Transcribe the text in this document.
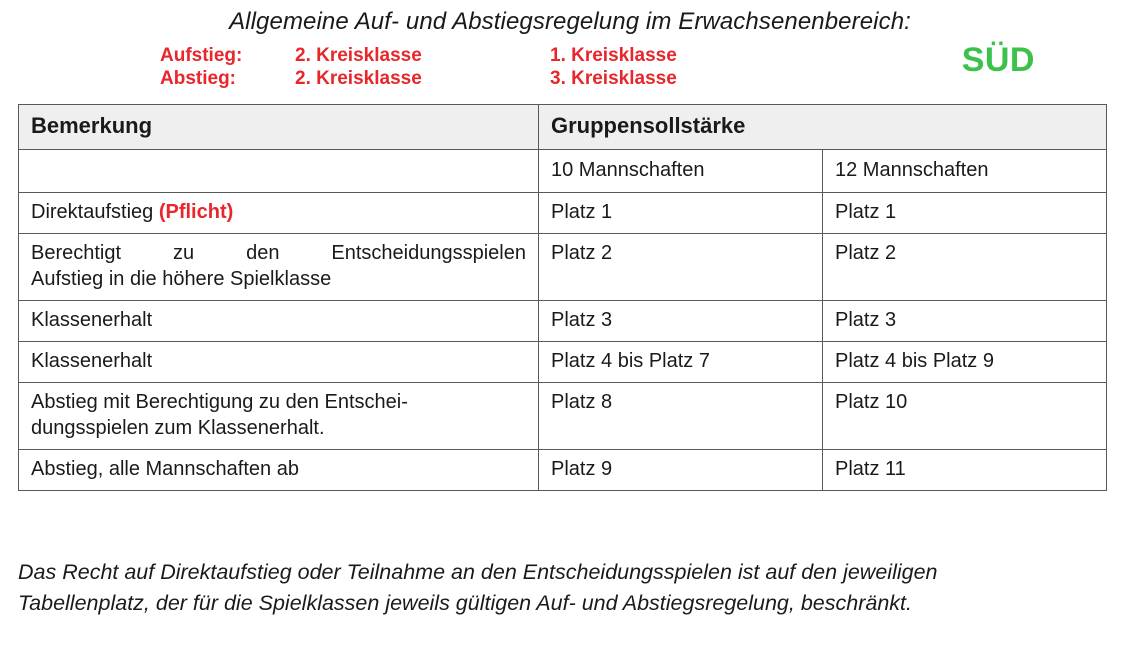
Allgemeine Auf- und Abstiegsregelung im Erwachsenenbereich:
Aufstieg:	2. Kreisklasse	1. Kreisklasse
Abstieg:	2. Kreisklasse	3. Kreisklasse	SÜD
Bemerkung	Gruppensollstärke	
	10 Mannschaften	12 Mannschaften
Direktaufstieg (Pflicht)	Platz 1	Platz 1

Berechtigt zu den Entscheidungsspielen
Aufstieg in die höhere Spielklasse	Platz 2	Platz 2
Klassenerhalt	Platz 3	Platz 3
Klassenerhalt	Platz 4 bis Platz 7	Platz 4 bis Platz 9

Abstieg mit Berechtigung zu den Entschei-
dungsspielen zum Klassenerhalt.	Platz 8	Platz 10
Abstieg, alle Mannschaften ab	Platz 9	Platz 11
Das Recht auf Direktaufstieg oder Teilnahme an den Entscheidungsspielen ist auf den jeweiligen
Tabellenplatz, der für die Spielklassen jeweils gültigen Auf- und Abstiegsregelung, beschränkt.
